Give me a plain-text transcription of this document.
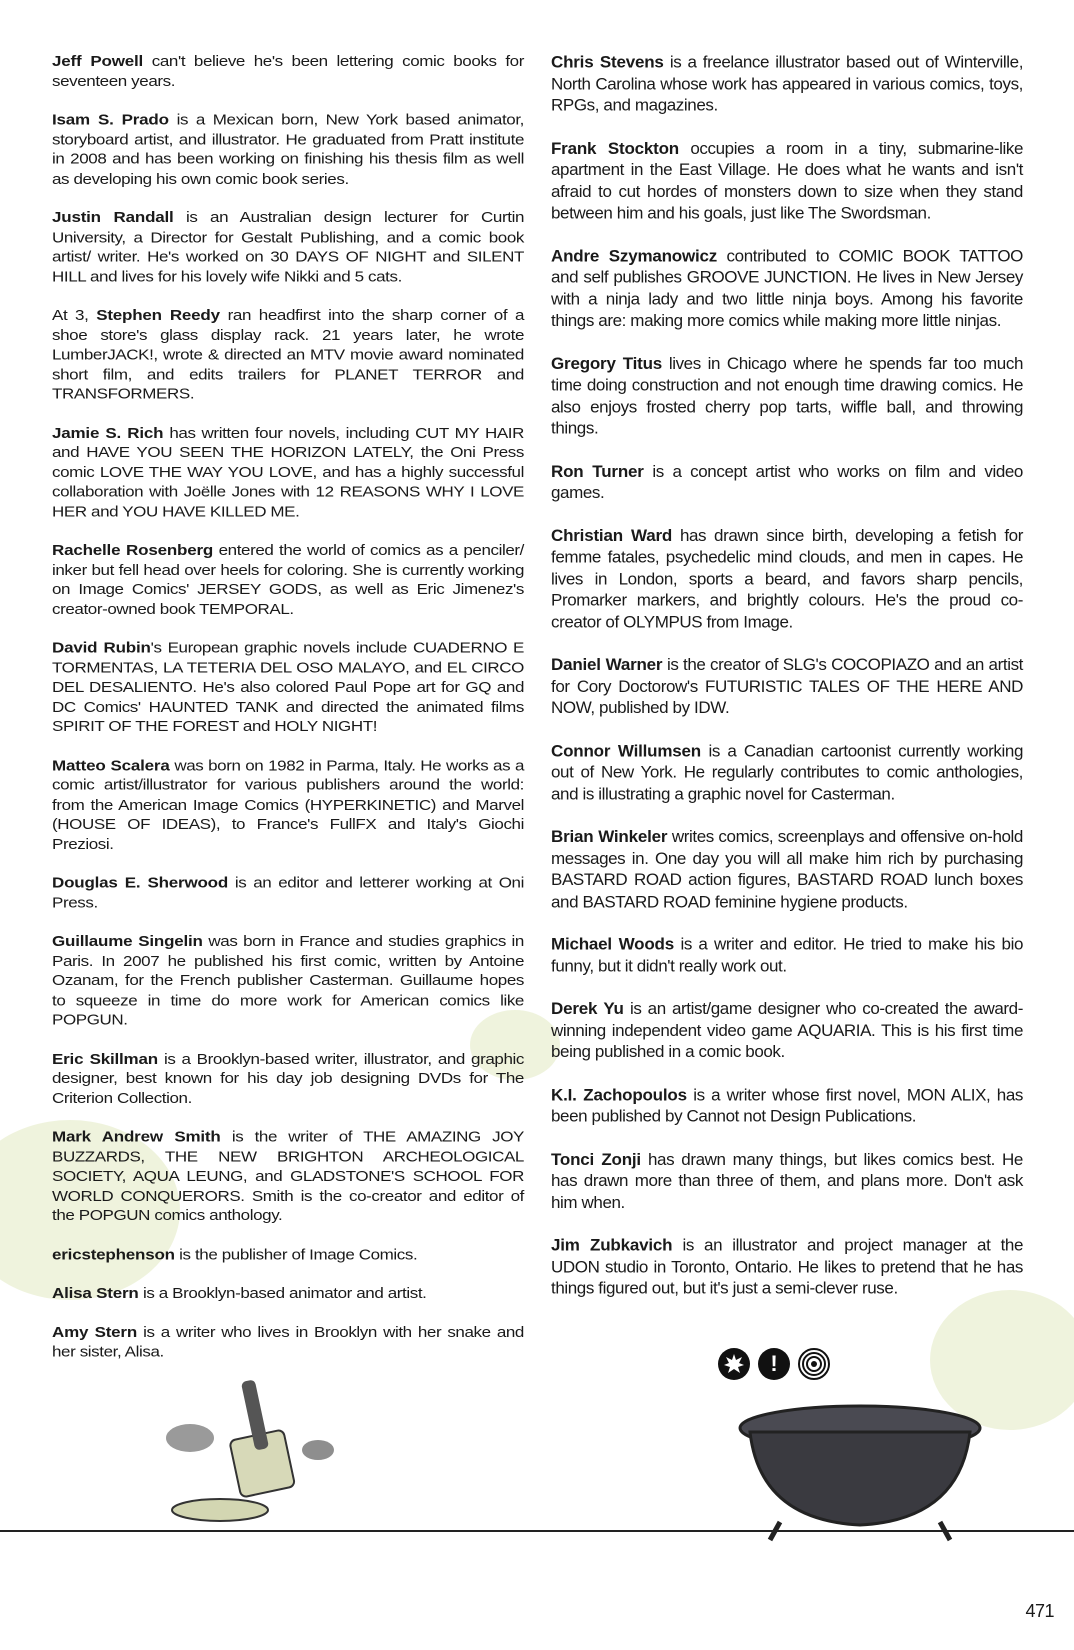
Jeff Powell can't believe he's been lettering comic books for seventeen years.

Isam S. Prado is a Mexican born, New York based animator, storyboard artist, and illustrator. He graduated from Pratt institute in 2008 and has been working on finishing his thesis film as well as developing his own comic book series.

Justin Randall is an Australian design lecturer for Curtin University, a Director for Gestalt Publishing, and a comic book artist/ writer. He's worked on 30 DAYS OF NIGHT and SILENT HILL and lives for his lovely wife Nikki and 5 cats.

At 3, Stephen Reedy ran headfirst into the sharp corner of a shoe store's glass display rack. 21 years later, he wrote LumberJACK!, wrote & directed an MTV movie award nominated short film, and edits trailers for PLANET TERROR and TRANSFORMERS.

Jamie S. Rich has written four novels, including CUT MY HAIR and HAVE YOU SEEN THE HORIZON LATELY, the Oni Press comic LOVE THE WAY YOU LOVE, and has a highly successful collaboration with Joëlle Jones with 12 REASONS WHY I LOVE HER and YOU HAVE KILLED ME.

Rachelle Rosenberg entered the world of comics as a penciler/ inker but fell head over heels for coloring. She is currently working on Image Comics' JERSEY GODS, as well as Eric Jimenez's creator-owned book TEMPORAL.

David Rubin's European graphic novels include CUADERNO E TORMENTAS, LA TETERIA DEL OSO MALAYO, and EL CIRCO DEL DESALIENTO. He's also colored Paul Pope art for GQ and DC Comics' HAUNTED TANK and directed the animated films SPIRIT OF THE FOREST and HOLY NIGHT!

Matteo Scalera was born on 1982 in Parma, Italy. He works as a comic artist/illustrator for various publishers around the world: from the American Image Comics (HYPERKINETIC) and Marvel (HOUSE OF IDEAS), to France's FullFX and Italy's Giochi Preziosi.

Douglas E. Sherwood is an editor and letterer working at Oni Press.

Guillaume Singelin was born in France and studies graphics in Paris. In 2007 he published his first comic, written by Antoine Ozanam, for the French publisher Casterman. Guillaume hopes to squeeze in time do more work for American comics like POPGUN.

Eric Skillman is a Brooklyn-based writer, illustrator, and graphic designer, best known for his day job designing DVDs for The Criterion Collection.

Mark Andrew Smith is the writer of THE AMAZING JOY BUZZARDS, THE NEW BRIGHTON ARCHEOLOGICAL SOCIETY, AQUA LEUNG, and GLADSTONE'S SCHOOL FOR WORLD CONQUERORS. Smith is the co-creator and editor of the POPGUN comics anthology.

ericstephenson is the publisher of Image Comics.

Alisa Stern is a Brooklyn-based animator and artist.

Amy Stern is a writer who lives in Brooklyn with her snake and her sister, Alisa.

Chris Stevens is a freelance illustrator based out of Winterville, North Carolina whose work has appeared in various comics, toys, RPGs, and magazines.

Frank Stockton occupies a room in a tiny, submarine-like apartment in the East Village. He does what he wants and isn't afraid to cut hordes of monsters down to size when they stand between him and his goals, just like The Swordsman.

Andre Szymanowicz contributed to COMIC BOOK TATTOO and self publishes GROOVE JUNCTION. He lives in New Jersey with a ninja lady and two little ninja boys. Among his favorite things are: making more comics while making more little ninjas.

Gregory Titus lives in Chicago where he spends far too much time doing construction and not enough time drawing comics. He also enjoys frosted cherry pop tarts, wiffle ball, and throwing things.

Ron Turner is a concept artist who works on film and video games.

Christian Ward has drawn since birth, developing a fetish for femme fatales, psychedelic mind clouds, and men in capes. He lives in London, sports a beard, and favors sharp pencils, Promarker markers, and brightly colours. He's the proud co-creator of OLYMPUS from Image.

Daniel Warner is the creator of SLG's COCOPIAZO and an artist for Cory Doctorow's FUTURISTIC TALES OF THE HERE AND NOW, published by IDW.

Connor Willumsen is a Canadian cartoonist currently working out of New York. He regularly contributes to comic anthologies, and is illustrating a graphic novel for Casterman.

Brian Winkeler writes comics, screenplays and offensive on-hold messages in. One day you will all make him rich by purchasing BASTARD ROAD action figures, BASTARD ROAD lunch boxes and BASTARD ROAD feminine hygiene products.

Michael Woods is a writer and editor. He tried to make his bio funny, but it didn't really work out.

Derek Yu is an artist/game designer who co-created the award-winning independent video game AQUARIA. This is his first time being published in a comic book.

K.I. Zachopoulos is a writer whose first novel, MON ALIX, has been published by Cannot not Design Publications.

Tonci Zonji has drawn many things, but likes comics best. He has drawn more than three of them, and plans more. Don't ask him when.

Jim Zubkavich is an illustrator and project manager at the UDON studio in Toronto, Ontario. He likes to pretend that he has things figured out, but it's just a semi-clever ruse.

!
471
